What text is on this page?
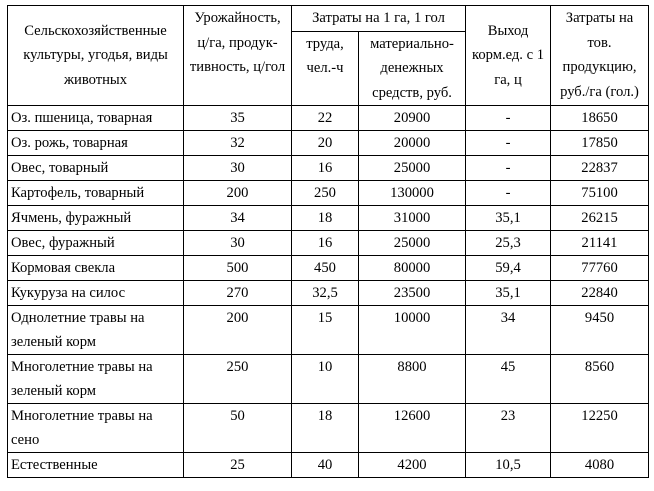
Сельскохозяйственные культуры, угодья, виды животных	Урожайность, ц/га, продук-тивность, ц/гол	Затраты на 1 га, 1 гол		Выход корм.ед. с 1 га, ц	Затраты на тов. продукцию, руб./га (гол.)
		труда, чел.-ч	материально-денежных средств, руб.		
Оз. пшеница, товарная	35	22	20900	-	18650
Оз. рожь, товарная	32	20	20000	-	17850
Овес, товарный	30	16	25000	-	22837
Картофель, товарный	200	250	130000	-	75100
Ячмень, фуражный	34	18	31000	35,1	26215
Овес, фуражный	30	16	25000	25,3	21141
Кормовая свекла	500	450	80000	59,4	77760
Кукуруза на силос	270	32,5	23500	35,1	22840
Однолетние травы на зеленый корм	200	15	10000	34	9450
Многолетние травы на зеленый корм	250	10	8800	45	8560
Многолетние травы на сено	50	18	12600	23	12250
Естественные	25	40	4200	10,5	4080
